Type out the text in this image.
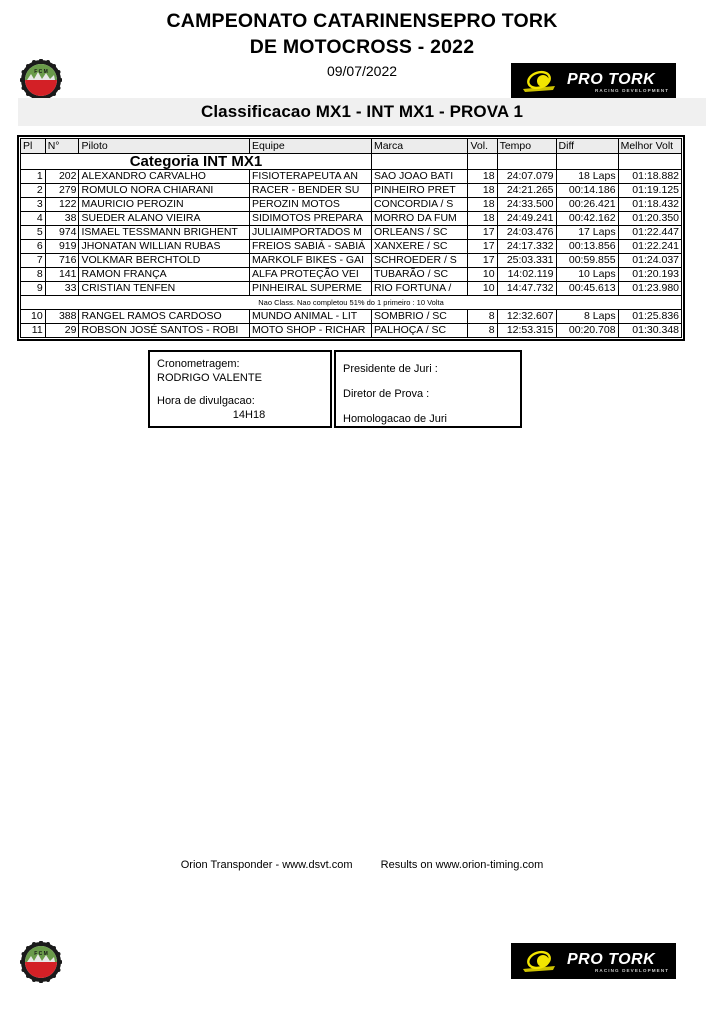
CAMPEONATO CATARINENSEPRO TORK
DE MOTOCROSS - 2022
09/07/2022
F C M	PRO TORK
RACING DEVELOPMENT
Classificacao MX1 - INT MX1 - PROVA 1
Pl	N°	Piloto	Equipe	Marca	Vol.	Tempo	Diff	Melhor Volt
Categoria INT MX1								
1	202	ALEXANDRO CARVALHO	FISIOTERAPEUTA AN	SAO JOAO BATI	18	24:07.079	18 Laps	01:18.882
2	279	ROMULO NORA CHIARANI	RACER - BENDER SU	PINHEIRO PRET	18	24:21.265	00:14.186	01:19.125
3	122	MAURICIO PEROZIN	PEROZIN MOTOS	CONCORDIA / S	18	24:33.500	00:26.421	01:18.432
4	38	SUEDER ALANO VIEIRA	SIDIMOTOS PREPARA	MORRO DA FUM	18	24:49.241	00:42.162	01:20.350
5	974	ISMAEL TESSMANN BRIGHENT	JULIAIMPORTADOS M	ORLEANS / SC	17	24:03.476	17 Laps	01:22.447
6	919	JHONATAN WILLIAN RUBAS	FREIOS SABIÁ - SABIÁ	XANXERE / SC	17	24:17.332	00:13.856	01:22.241
7	716	VOLKMAR BERCHTOLD	MARKOLF BIKES - GAI	SCHROEDER / S	17	25:03.331	00:59.855	01:24.037
8	141	RAMON FRANÇA	ALFA PROTEÇÃO VEI	TUBARÃO / SC	10	14:02.119	10 Laps	01:20.193
9	33	CRISTIAN TENFEN	PINHEIRAL SUPERME	RIO FORTUNA /	10	14:47.732	00:45.613	01:23.980
Nao Class. Nao completou 51% do 1 primeiro : 10 Volta								
10	388	RANGEL RAMOS CARDOSO	MUNDO ANIMAL - LIT	SOMBRIO / SC	8	12:32.607	8 Laps	01:25.836
11	29	ROBSON JOSÉ SANTOS - ROBI	MOTO SHOP - RICHAR	PALHOÇA / SC	8	12:53.315	00:20.708	01:30.348
Cronometragem:
RODRIGO VALENTE
Hora de divulgacao:
14H18
Presidente de Juri :
Diretor de Prova :
Homologacao de Juri
Orion Transponder - www.dsvt.com	Results on www.orion-timing.com
F C M	PRO TORK
RACING DEVELOPMENT
